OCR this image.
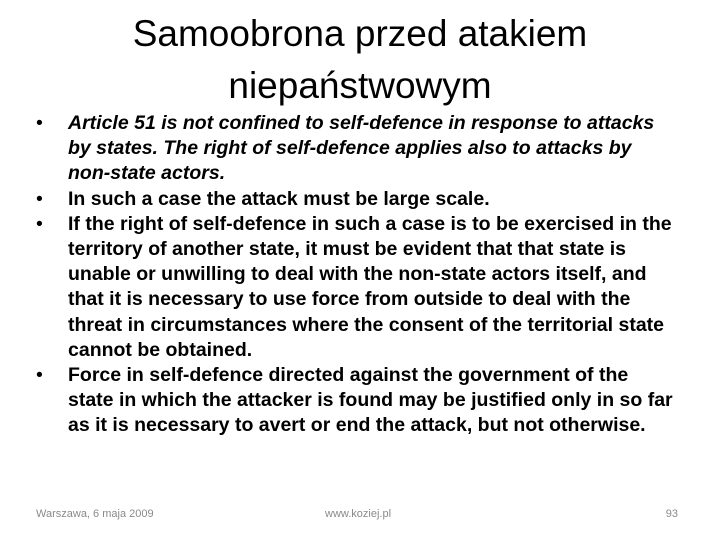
Samoobrona przed atakiem
niepaństwowym
•	Article 51 is not confined to self-defence in response to attacks by states. The right of self-defence applies also to attacks by non-state actors.
•	In such a case the attack must be large scale.
•	If the right of self-defence in such a case is to be exercised in the territory of another state, it must be evident that that state is unable or unwilling to deal with the non-state actors itself, and that it is necessary to use force from outside to deal with the threat in circumstances where the consent of the territorial state cannot be obtained.
•	Force in self-defence directed against the government of the state in which the attacker is found may be justified only in so far as it is necessary to avert or end the attack, but not otherwise.
Warszawa, 6 maja 2009	www.koziej.pl	93
